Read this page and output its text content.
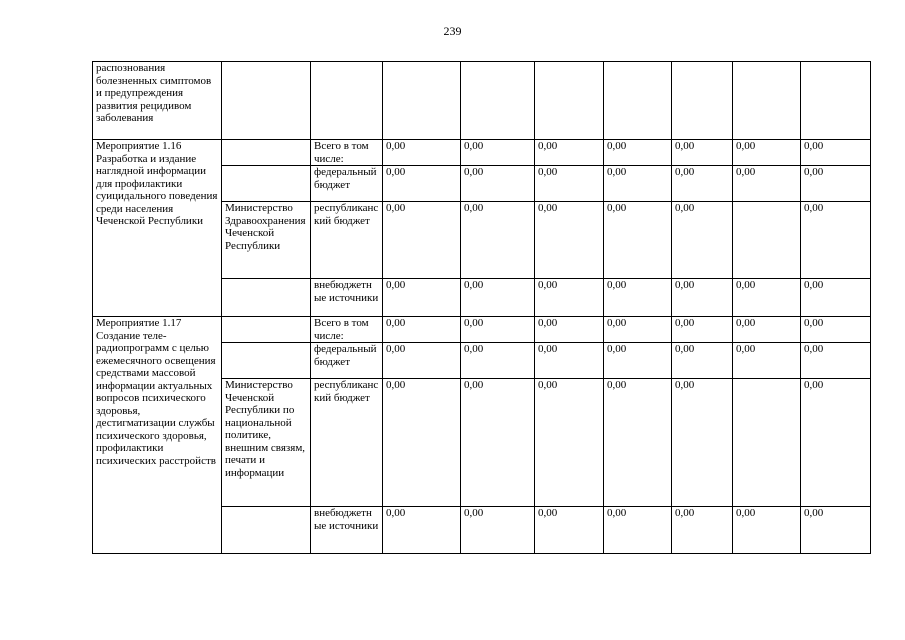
239
распознования болезненных симптомов и предупреждения развития рецидивом заболевания									
Мероприятие 1.16 Разработка и издание наглядной информации для профилактики суицидального поведения среди населения Чеченской Республики		Всего в том числе:	0,00	0,00	0,00	0,00	0,00	0,00	0,00
		федеральный бюджет	0,00	0,00	0,00	0,00	0,00	0,00	0,00
	Министерство Здравоохранения Чеченской Республики	республиканский бюджет	0,00	0,00	0,00	0,00	0,00		0,00
		внебюджетные источники	0,00	0,00	0,00	0,00	0,00	0,00	0,00
Мероприятие 1.17 Создание теле-радиопрограмм с целью ежемесячного освещения средствами массовой информации актуальных вопросов психического здоровья, дестигматизации службы психического здоровья, профилактики психических расстройств		Всего в том числе:	0,00	0,00	0,00	0,00	0,00	0,00	0,00
		федеральный бюджет	0,00	0,00	0,00	0,00	0,00	0,00	0,00
	Министерство Чеченской Республики по национальной политике, внешним связям, печати и информации	республиканский бюджет	0,00	0,00	0,00	0,00	0,00		0,00
		внебюджетные источники	0,00	0,00	0,00	0,00	0,00	0,00	0,00
